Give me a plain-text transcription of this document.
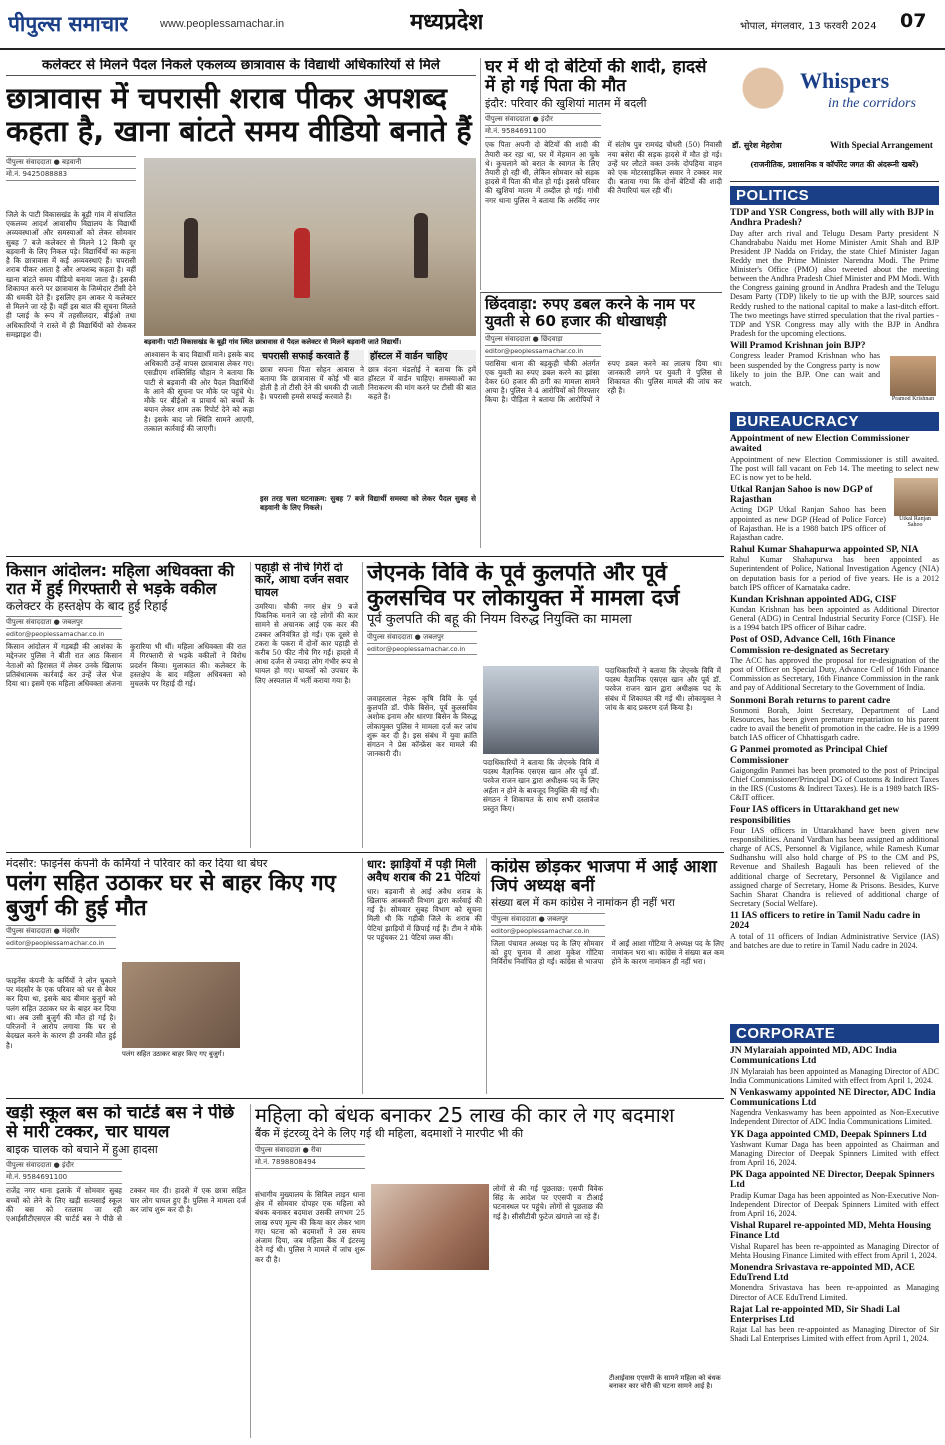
पीपुल्स समाचार	www.peoplessamachar.in	मध्यप्रदेश	भोपाल, मंगलवार, 13 फरवरी 2024 07
कलेक्टर से मिलने पैदल निकले एकलव्य छात्रावास के विद्यार्थी अधिकारियों से मिले
छात्रावास में चपरासी शराब पीकर अपशब्द कहता है, खाना बांटते समय वीडियो बनाते हैं
पीपुल्स संवाददाता ● बड़वानी
मो.नं. 9425088883
जिले के पाटी विकासखंड के बूढ़ी गांव में संचालित एकलव्य आदर्श आवासीय विद्यालय के विद्यार्थी अव्यवस्थाओं और समस्याओं को लेकर सोमवार सुबह 7 बजे कलेक्टर से मिलने 12 किमी दूर बड़वानी के लिए निकल पड़े। विद्यार्थियों का कहना है कि छात्रावास में कई अव्यवस्थाएं हैं। चपरासी शराब पीकर आता है और अपशब्द कहता है। वहीं खाना बांटते समय वीडियो बनाया जाता है। इसकी शिकायत करने पर छात्रावास के जिम्मेदार टीसी देने की धमकी देते हैं। इसलिए हम आकर ये कलेक्टर से मिलने जा रहे हैं। वहीं इस बात की सूचना मिलते ही प्लाई के रूप में तहसीलदार, बीईओ तथा अधिकारियों ने रास्ते में ही विद्यार्थियों को रोककर समझाइश दी।
बड़वानी। पाटी विकासखंड के बूढ़ी गांव स्थित छात्रावास से पैदल कलेक्टर से मिलने बड़वानी जाते विद्यार्थी।
आश्वासन के बाद विद्यार्थी माने। इसके बाद अधिकारी उन्हें वापस छात्रावास लेकर गए। एसडीएम शक्तिसिंह चौहान ने बताया कि पाटी से बड़वानी की ओर पैदल विद्यार्थियों के आने की सूचना पर मौके पर पहुंचे थे। मौके पर बीईओ व प्राचार्य को बच्चों के बयान लेकर शाम तक रिपोर्ट देने को कहा है। इसके बाद जो स्थिति सामने आएगी, तत्काल कार्रवाई की जाएगी।
चपरासी सफाई करवाते हैं
छात्रा सपना पिता सोहन आवास ने बताया कि छात्रावास में कोई भी बात होती है तो टीसी देने की धमकी दी जाती है। चपरासी हमसे सफाई करवाते हैं।
हॉस्टल में वार्डन चाहिए
छात्र वंदना मंडलोई ने बताया कि हमें हॉस्टल में वार्डन चाहिए। समस्याओं का निराकरण की मांग करने पर टीसी की बात कहते हैं।
इस तरह चला घटनाक्रम: सुबह 7 बजे विद्यार्थी समस्या को लेकर पैदल सुबह से बड़वानी के लिए निकले।
घर में थी दो बेटियों की शादी, हादसे में हो गई पिता की मौत
इंदौर: परिवार की खुशियां मातम में बदली
पीपुल्स संवाददाता ● इंदौर
मो.नं. 9584691100
एक पिता अपनी दो बेटियों की शादी की तैयारी कर रहा था, घर में मेहमान आ चुके थे। कुचलाने को बरात के स्वागत के लिए तैयारी हो रही थी, लेकिन सोमवार को सड़क हादसे में पिता की मौत हो गई। इससे परिवार की खुशियां मातम में तब्दील हो गई। गांधी नगर थाना पुलिस ने बताया कि अरविंद नगर में संतोष पुत्र रामचंद्र चौधरी (50) निवासी नया बसेरा की सड़क हादसे में मौत हो गई। उन्हें घर लौटते वक्त उनके दोपहिया वाहन को एक मोटरसाइकिल सवार ने टक्कर मार दी। बताया गया कि दोनों बेटियों की शादी की तैयारियां चल रही थीं।
छिंदवाड़ा: रुपए डबल करने के नाम पर युवती से 60 हजार की धोखाधड़ी
पीपुल्स संवाददाता ● छिंदवाड़ा
editor@peoplessamachar.co.in
परासिया थाना की बड़कुही चौकी अंतर्गत एक युवती का रुपए डबल करने का झांसा देकर 60 हजार की ठगी का मामला सामने आया है। पुलिस ने 4 आरोपियों को गिरफ्तार किया है। पीड़िता ने बताया कि आरोपियों ने रुपए डबल करने का लालच दिया था। जानकारी लगने पर युवती ने पुलिस से शिकायत की। पुलिस मामले की जांच कर रही है।
किसान आंदोलन: महिला अधिवक्ता की रात में हुई गिरफ्तारी से भड़के वकील
कलेक्टर के हस्तक्षेप के बाद हुई रिहाई
पीपुल्स संवाददाता ● जबलपुर
editor@peoplessamachar.co.in
किसान आंदोलन में गड़बड़ी की आशंका के मद्देनजर पुलिस ने बीती रात आठ किसान नेताओं को हिरासत में लेकर उनके खिलाफ प्रतिबंधात्मक कार्रवाई कर उन्हें जेल भेज दिया था। इसमें एक महिला अधिवक्ता अंजना कुरारिया भी थीं। महिला अधिवक्ता की रात में गिरफ्तारी से भड़के वकीलों ने विरोध प्रदर्शन किया। मुलाकात की। कलेक्टर के हस्तक्षेप के बाद महिला अधिवक्ता को मुचलके पर रिहाई दी गई।
पहाड़ी से नीचे गिरीं दो कारें, आधा दर्जन सवार घायल
उमरिया। चौकी नगर क्षेत्र 9 बजे पिकनिक मनाने जा रहे लोगों की कार सामने से अचानक आई एक कार की टक्कर अनियंत्रित हो गईं। एक दूसरे से टकरा के पकरा में दोनों कार पहाड़ी से करीब 50 फीट नीचे गिर गईं। हादसे में आधा दर्जन से ज्यादा लोग गंभीर रूप से घायल हो गए। घायलों को उपचार के लिए अस्पताल में भर्ती कराया गया है।
जेएनके विवि के पूर्व कुलपति और पूर्व कुलसचिव पर लोकायुक्त में मामला दर्ज
पूर्व कुलपति की बहू की नियम विरुद्ध नियुक्ति का मामला
पीपुल्स संवाददाता ● जबलपुर
editor@peoplessamachar.co.in
जवाहरलाल नेहरू कृषि विवि के पूर्व कुलपति डॉ. पीके बिसेन, पूर्व कुलसचिव अशोक इनाम और धारणा बिसेन के विरुद्ध लोकायुक्त पुलिस ने मामला दर्ज कर जांच शुरू कर दी है। इस संबंध में युवा क्रांति संगठन ने प्रेस कॉन्फ्रेंस कर मामले की जानकारी दी।
पदाधिकारियों ने बताया कि जेएनके विवि में पदस्थ वैज्ञानिक एसएस खान और पूर्व डॉ. परवेज राजन खान द्वारा अधीक्षक पद के लिए अर्हता न होने के बावजूद नियुक्ति की गई थी। संगठन ने शिकायत के साथ सभी दस्तावेज प्रस्तुत किए।
पदाधिकारियों ने बताया कि जेएनके विवि में पदस्थ वैज्ञानिक एसएस खान और पूर्व डॉ. परवेज राजन खान द्वारा अधीक्षक पद के संबंध में शिकायत की गई थी। लोकायुक्त ने जांच के बाद प्रकरण दर्ज किया है।
मंदसौर: फाइनेंस कंपनी के कर्मियों ने परिवार को कर दिया था बेघर
पलंग सहित उठाकर घर से बाहर किए गए बुजुर्ग की हुई मौत
पीपुल्स संवाददाता ● मंदसौर
editor@peoplessamachar.co.in
फाइनेंस कंपनी के कर्मियों ने लोन चुकाने पर मंदसौर के एक परिवार को घर से बेघर कर दिया था, इसके बाद बीमार बुजुर्ग को पलंग सहित उठाकर घर के बाहर कर दिया था। अब उसी बुजुर्ग की मौत हो गई है। परिजनों ने आरोप लगाया कि घर से बेदखल करने के कारण ही उनकी मौत हुई है।
पलंग सहित उठाकर बाहर किए गए बुजुर्ग।
धार: झाड़ियों में पड़ी मिली अवैध शराब की 21 पेटियां
धार। बड़वानी से आई अवैध शराब के खिलाफ आबकारी विभाग द्वारा कार्रवाई की गई है। सोमवार सुबह विभाग को सूचना मिली थी कि गड़ीबी जिले के शराब की पेटियां झाड़ियों में छिपाई गई हैं। टीम ने मौके पर पहुंचकर 21 पेटियां जब्त कीं।
कांग्रेस छोड़कर भाजपा में आईं आशा जिपं अध्यक्ष बनीं
संख्या बल में कम कांग्रेस ने नामांकन ही नहीं भरा
पीपुल्स संवाददाता ● जबलपुर
editor@peoplessamachar.co.in
जिला पंचायत अध्यक्ष पद के लिए सोमवार को हुए चुनाव में आशा मुकेश गोंटिया निर्विरोध निर्वाचित हो गईं। कांग्रेस से भाजपा में आईं आशा गोंटिया ने अध्यक्ष पद के लिए नामांकन भरा था। कांग्रेस ने संख्या बल कम होने के कारण नामांकन ही नहीं भरा।
खड़ी स्कूल बस को चार्टर्ड बस ने पीछे से मारी टक्कर, चार घायल
बाइक चालक को बचाने में हुआ हादसा
पीपुल्स संवाददाता ● इंदौर
मो.नं. 9584691100
राजेंद्र नगर थाना इलाके में सोमवार सुबह बच्चों को लेने के लिए खड़ी सत्यसाईं स्कूल की बस को रतलाम जा रही एआईसीटीएसएल की चार्टर्ड बस ने पीछे से टक्कर मार दी। हादसे में एक छात्रा सहित चार लोग घायल हुए हैं। पुलिस ने मामला दर्ज कर जांच शुरू कर दी है।
महिला को बंधक बनाकर 25 लाख की कार ले गए बदमाश
बैंक में इंटरव्यू देने के लिए गई थी महिला, बदमाशों ने मारपीट भी की
पीपुल्स संवाददाता ● रीवा
मो.नं. 7898808494
संभागीय मुख्यालय के सिविल लाइन थाना क्षेत्र में सोमवार दोपहर एक महिला को बंधक बनाकर बदमाश उसकी लगभग 25 लाख रुपए मूल्य की किया कार लेकर भाग गए। घटना को बदमाशों ने उस समय अंजाम दिया, जब महिला बैंक में इंटरव्यू देने गई थी। पुलिस ने मामले में जांच शुरू कर दी है।
लोगों से की गई पूछताछ: एसपी विवेक सिंह के आदेश पर एएसपी व टीआई घटनास्थल पर पहुंचे। लोगों से पूछताछ की गई है। सीसीटीवी फुटेज खंगाले जा रहे हैं।
टीआईवास एएसपी के सामने महिला को बंधक बनाकर कार चोरी की घटना सामने आई है।
Whispers
in the corridors
डॉ. सुरेश मेहरोत्रा	With Special Arrangement
(राजनीतिक, प्रशासनिक व कॉर्पोरेट जगत की अंदरूनी खबरें)
POLITICS
TDP and YSR Congress, both will ally with BJP in Andhra Pradesh?
Day after arch rival and Telugu Desam Party president N Chandrababu Naidu met Home Minister Amit Shah and BJP President JP Nadda on Friday, the state Chief Minister Jagan Reddy met the Prime Minister Narendra Modi. The Prime Minister's Office (PMO) also tweeted about the meeting between the Andhra Pradesh Chief Minister and PM Modi. With the Congress gaining ground in Andhra Pradesh and the Telugu Desam Party (TDP) likely to tie up with the BJP, sources said Reddy rushed to the national capital to make a last-ditch effort. The two meetings have stirred speculation that the rival parties - TDP and YSR Congress may ally with the BJP in Andhra Pradesh for the upcoming elections.
Will Pramod Krishnan join BJP?
Congress leader Pramod Krishnan who has been suspended by the Congress party is now likely to join the BJP. One can wait and watch.
Pramod Krishnan
BUREAUCRACY
Appointment of new Election Commissioner awaited
Appointment of new Election Commissioner is still awaited. The post will fall vacant on Feb 14. The meeting to select new EC is now yet to be held.
Utkal Ranjan Sahoo is now DGP of Rajasthan
Acting DGP Utkal Ranjan Sahoo has been appointed as new DGP (Head of Police Force) of Rajasthan. He is a 1988 batch IPS officer of Rajasthan cadre.
Rahul Kumar Shahapurwa appointed SP, NIA
Rahul Kumar Shahapurwa has been appointed as Superintendent of Police, National Investigation Agency (NIA) on deputation basis for a period of five years. He is a 2012 batch IPS officer of Karnataka cadre.
Kundan Krishnan appointed ADG, CISF
Kundan Krishnan has been appointed as Additional Director General (ADG) in Central Industrial Security Force (CISF). He is a 1994 batch IPS officer of Bihar cadre.
Post of OSD, Advance Cell, 16th Finance Commission re-designated as Secretary
The ACC has approved the proposal for re-designation of the post of Officer on Special Duty, Advance Cell of 16th Finance Commission as Secretary, 16th Finance Commission in the rank and pay of Additional Secretary to the Government of India.
Sonmoni Borah returns to parent cadre
Sonmoni Borah, Joint Secretary, Department of Land Resources, has been given premature repatriation to his parent cadre to avail the benefit of promotion in the cadre. He is a 1999 batch IAS officer of Chhattisgarh cadre.
G Panmei promoted as Principal Chief Commissioner
Gaigongdin Panmei has been promoted to the post of Principal Chief Commissioner/Principal DG of Customs & Indirect Taxes in the IRS (Customs & Indirect Taxes). He is a 1989 batch IRS-C&IT officer.
Four IAS officers in Uttarakhand get new responsibilities
Four IAS officers in Uttarakhand have been given new responsibilities. Anand Vardhan has been assigned an additional charge of ACS, Personnel & Vigilance, while Ramesh Kumar Sudhanshu will also hold charge of PS to the CM and PS, Revenue and Shailesh Bagauli has been relieved of the additional charge of Secretary, Personnel & Vigilance and assigned charge of Secretary, Home & Prisons. Besides, Kurve Sachin Sharat Chandra is relieved of additional charge of Secretary (Social Welfare).
11 IAS officers to retire in Tamil Nadu cadre in 2024
A total of 11 officers of Indian Administrative Service (IAS) and batches are due to retire in Tamil Nadu cadre in 2024.
Utkal Ranjan Sahoo
CORPORATE
JN Mylaraiah appointed MD, ADC India Communications Ltd
JN Mylaraiah has been appointed as Managing Director of ADC India Communications Limited with effect from April 1, 2024.
N Venkaswamy appointed NE Director, ADC India Communications Ltd
Nagendra Venkaswamy has been appointed as Non-Executive Independent Director of ADC India Communications Limited.
YK Daga appointed CMD, Deepak Spinners Ltd
Yashwant Kumar Daga has been appointed as Chairman and Managing Director of Deepak Spinners Limited with effect from April 16, 2024.
PK Daga appointed NE Director, Deepak Spinners Ltd
Pradip Kumar Daga has been appointed as Non-Executive Non-Independent Director of Deepak Spinners Limited with effect from April 16, 2024.
Vishal Ruparel re-appointed MD, Mehta Housing Finance Ltd
Vishal Ruparel has been re-appointed as Managing Director of Mehta Housing Finance Limited with effect from April 1, 2024.
Monendra Srivastava re-appointed MD, ACE EduTrend Ltd
Monendra Srivastava has been re-appointed as Managing Director of ACE EduTrend Limited.
Rajat Lal re-appointed MD, Sir Shadi Lal Enterprises Ltd
Rajat Lal has been re-appointed as Managing Director of Sir Shadi Lal Enterprises Limited with effect from April 1, 2024.
